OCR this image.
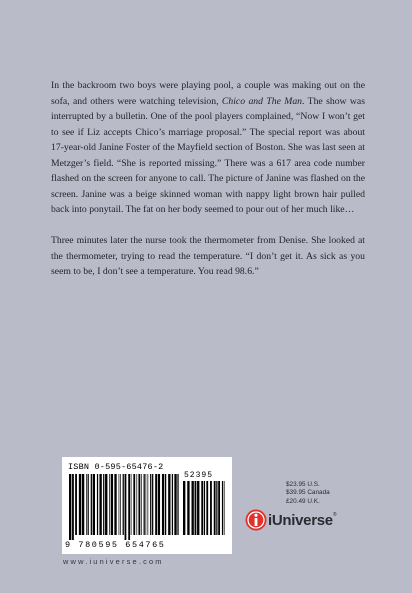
In the backroom two boys were playing pool, a couple was making out on the sofa, and others were watching television, Chico and The Man. The show was interrupted by a bulletin. One of the pool players complained, “Now I won’t get to see if Liz accepts Chico’s marriage proposal.” The special report was about 17-year-old Janine Foster of the Mayfield section of Boston. She was last seen at Metzger’s field. “She is reported missing.” There was a 617 area code number flashed on the screen for anyone to call. The picture of Janine was flashed on the screen. Janine was a beige skinned woman with nappy light brown hair pulled back into ponytail. The fat on her body seemed to pour out of her much like…

Three minutes later the nurse took the thermometer from Denise. She looked at the thermometer, trying to read the temperature. “I don’t get it. As sick as you seem to be, I don’t see a temperature. You read 98.6.”

ISBN 0-595-65476-2
52395
9 780595 654765
$23.95 U.S.
$39.95 Canada
£20.49 U.K.
iUniverse ®
www.iuniverse.com
